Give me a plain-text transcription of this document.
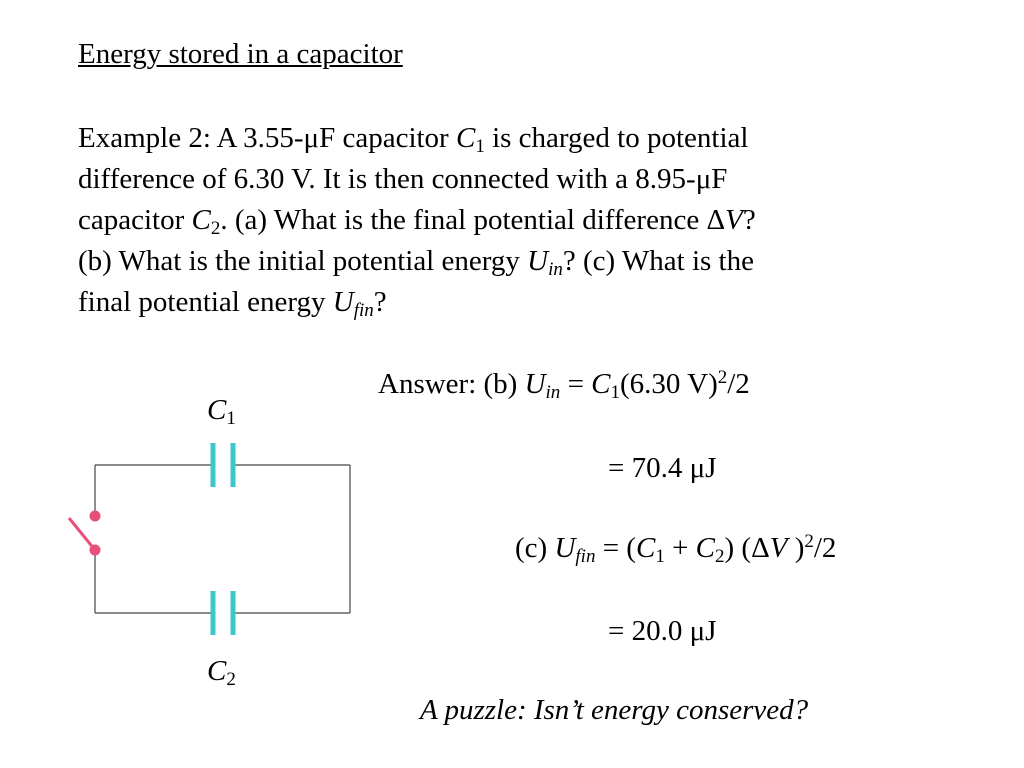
Energy stored in a capacitor
Example 2: A 3.55-μF capacitor $C_1$ is charged to potential
difference of 6.30 V. It is then connected with a 8.95-μF
capacitor $C_2$. (a) What is the final potential difference ΔV?
(b) What is the initial potential energy $U_{in}$? (c) What is the
final potential energy $U_{fin}$?
Answer: (b) $U_{in} = C_1(6.30$ V)$^2$/2
= 70.4 μJ
(c) $U_{fin} = (C_1 + C_2)$ (ΔV )$^2$/2
= 20.0 μJ
A puzzle: Isn’t energy conserved?
$C_1$
$C_2$
